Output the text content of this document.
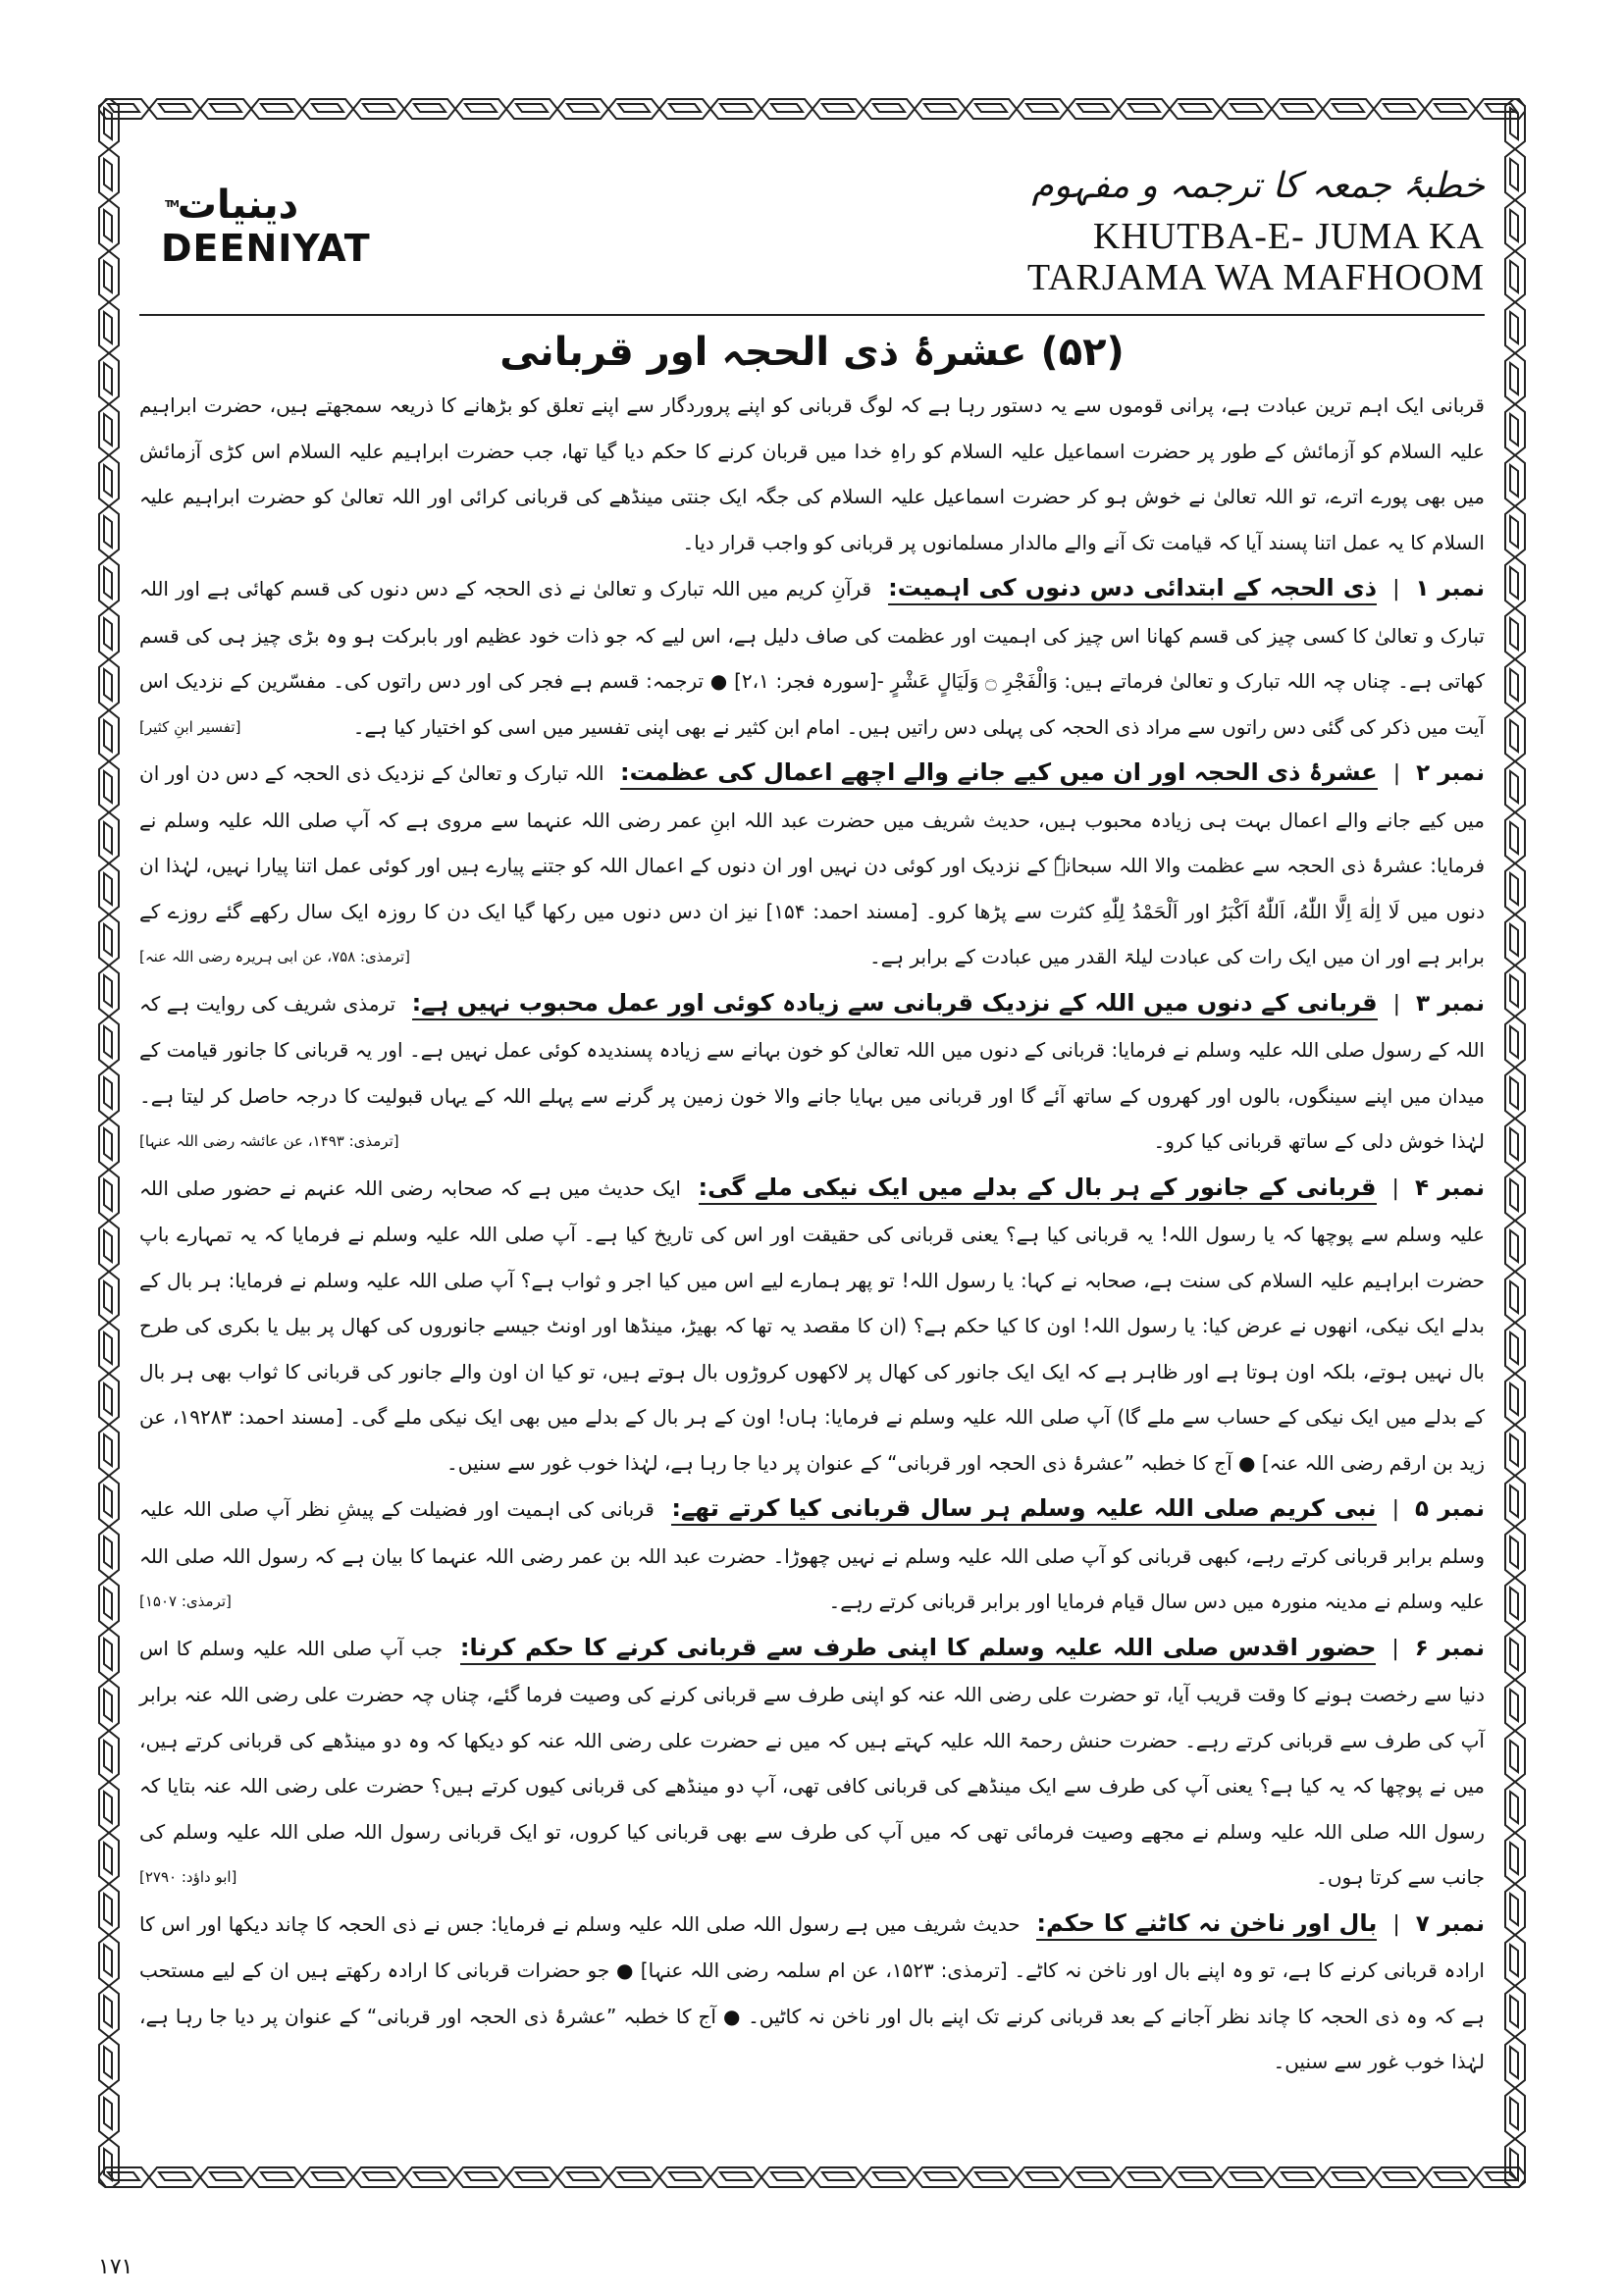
دینیات™
DEENIYAT
خطبۂ جمعہ کا ترجمہ و مفہوم
KHUTBA-E- JUMA KA
TARJAMA WA MAFHOOM
(۵۲) عشرۂ ذی الحجہ اور قربانی

قربانی ایک اہم ترین عبادت ہے، پرانی قوموں سے یہ دستور رہا ہے کہ لوگ قربانی کو اپنے پروردگار سے اپنے تعلق کو بڑھانے کا ذریعہ سمجھتے ہیں، حضرت ابراہیم علیہ السلام کو آزمائش کے طور پر حضرت اسماعیل علیہ السلام کو راہِ خدا میں قربان کرنے کا حکم دیا گیا تھا، جب حضرت ابراہیم علیہ السلام اس کڑی آزمائش میں بھی پورے اترے، تو اللہ تعالیٰ نے خوش ہو کر حضرت اسماعیل علیہ السلام کی جگہ ایک جنتی مینڈھے کی قربانی کرائی اور اللہ تعالیٰ کو حضرت ابراہیم علیہ السلام کا یہ عمل اتنا پسند آیا کہ قیامت تک آنے والے مالدار مسلمانوں پر قربانی کو واجب قرار دیا۔

نمبر ۱|ذی الحجہ کے ابتدائی دس دنوں کی اہمیت: قرآنِ کریم میں اللہ تبارک و تعالیٰ نے ذی الحجہ کے دس دنوں کی قسم کھائی ہے اور اللہ تبارک و تعالیٰ کا کسی چیز کی قسم کھانا اس چیز کی اہمیت اور عظمت کی صاف دلیل ہے، اس لیے کہ جو ذات خود عظیم اور بابرکت ہو وہ بڑی چیز ہی کی قسم کھاتی ہے۔ چناں چہ اللہ تبارک و تعالیٰ فرماتے ہیں: وَالْفَجْرِ ۝ وَلَيَالٍ عَشْرٍ -[سورہ فجر: ۲،۱] ● ترجمہ: قسم ہے فجر کی اور دس راتوں کی۔ مفسّرین کے نزدیک اس آیت میں ذکر کی گئی دس راتوں سے مراد ذی الحجہ کی پہلی دس راتیں ہیں۔ امام ابن کثیر نے بھی اپنی تفسیر میں اسی کو اختیار کیا ہے۔
[تفسیر ابنِ کثیر]

نمبر ۲|عشرۂ ذی الحجہ اور ان میں کیے جانے والے اچھے اعمال کی عظمت: اللہ تبارک و تعالیٰ کے نزدیک ذی الحجہ کے دس دن اور ان میں کیے جانے والے اعمال بہت ہی زیادہ محبوب ہیں، حدیث شریف میں حضرت عبد اللہ ابنِ عمر رضی اللہ عنہما سے مروی ہے کہ آپ صلی اللہ علیہ وسلم نے فرمایا: عشرۂ ذی الحجہ سے عظمت والا اللہ سبحانہٗ کے نزدیک اور کوئی دن نہیں اور ان دنوں کے اعمال اللہ کو جتنے پیارے ہیں اور کوئی عمل اتنا پیارا نہیں، لہٰذا ان دنوں میں لَا اِلٰهَ اِلَّا اللّٰهُ، اَللّٰهُ اَكْبَرُ اور اَلْحَمْدُ لِلّٰهِ کثرت سے پڑھا کرو۔ [مسند احمد: ۱۵۴] نیز ان دس دنوں میں رکھا گیا ایک دن کا روزہ ایک سال رکھے گئے روزے کے برابر ہے اور ان میں ایک رات کی عبادت لیلۃ القدر میں عبادت کے برابر ہے۔
[ترمذی: ۷۵۸، عن ابی ہریرہ رضی اللہ عنہ]

نمبر ۳|قربانی کے دنوں میں اللہ کے نزدیک قربانی سے زیادہ کوئی اور عمل محبوب نہیں ہے: ترمذی شریف کی روایت ہے کہ اللہ کے رسول صلی اللہ علیہ وسلم نے فرمایا: قربانی کے دنوں میں اللہ تعالیٰ کو خون بہانے سے زیادہ پسندیدہ کوئی عمل نہیں ہے۔ اور یہ قربانی کا جانور قیامت کے میدان میں اپنے سینگوں، بالوں اور کھروں کے ساتھ آئے گا اور قربانی میں بہایا جانے والا خون زمین پر گرنے سے پہلے اللہ کے یہاں قبولیت کا درجہ حاصل کر لیتا ہے۔ لہٰذا خوش دلی کے ساتھ قربانی کیا کرو۔
[ترمذی: ۱۴۹۳، عن عائشہ رضی اللہ عنہا]

نمبر ۴|قربانی کے جانور کے ہر بال کے بدلے میں ایک نیکی ملے گی: ایک حدیث میں ہے کہ صحابہ رضی اللہ عنہم نے حضور صلی اللہ علیہ وسلم سے پوچھا کہ یا رسول اللہ! یہ قربانی کیا ہے؟ یعنی قربانی کی حقیقت اور اس کی تاریخ کیا ہے۔ آپ صلی اللہ علیہ وسلم نے فرمایا کہ یہ تمہارے باپ حضرت ابراہیم علیہ السلام کی سنت ہے، صحابہ نے کہا: یا رسول اللہ! تو پھر ہمارے لیے اس میں کیا اجر و ثواب ہے؟ آپ صلی اللہ علیہ وسلم نے فرمایا: ہر بال کے بدلے ایک نیکی، انھوں نے عرض کیا: یا رسول اللہ! اون کا کیا حکم ہے؟ (ان کا مقصد یہ تھا کہ بھیڑ، مینڈھا اور اونٹ جیسے جانوروں کی کھال پر بیل یا بکری کی طرح بال نہیں ہوتے، بلکہ اون ہوتا ہے اور ظاہر ہے کہ ایک ایک جانور کی کھال پر لاکھوں کروڑوں بال ہوتے ہیں، تو کیا ان اون والے جانور کی قربانی کا ثواب بھی ہر بال کے بدلے میں ایک نیکی کے حساب سے ملے گا) آپ صلی اللہ علیہ وسلم نے فرمایا: ہاں! اون کے ہر بال کے بدلے میں بھی ایک نیکی ملے گی۔ [مسند احمد: ۱۹۲۸۳، عن زید بن ارقم رضی اللہ عنہ] ● آج کا خطبہ ”عشرۂ ذی الحجہ اور قربانی“ کے عنوان پر دیا جا رہا ہے، لہٰذا خوب غور سے سنیں۔

نمبر ۵|نبی کریم صلی اللہ علیہ وسلم ہر سال قربانی کیا کرتے تھے: قربانی کی اہمیت اور فضیلت کے پیشِ نظر آپ صلی اللہ علیہ وسلم برابر قربانی کرتے رہے، کبھی قربانی کو آپ صلی اللہ علیہ وسلم نے نہیں چھوڑا۔ حضرت عبد اللہ بن عمر رضی اللہ عنہما کا بیان ہے کہ رسول اللہ صلی اللہ علیہ وسلم نے مدینہ منورہ میں دس سال قیام فرمایا اور برابر قربانی کرتے رہے۔
[ترمذی: ۱۵۰۷]

نمبر ۶|حضور اقدس صلی اللہ علیہ وسلم کا اپنی طرف سے قربانی کرنے کا حکم کرنا: جب آپ صلی اللہ علیہ وسلم کا اس دنیا سے رخصت ہونے کا وقت قریب آیا، تو حضرت علی رضی اللہ عنہ کو اپنی طرف سے قربانی کرنے کی وصیت فرما گئے، چناں چہ حضرت علی رضی اللہ عنہ برابر آپ کی طرف سے قربانی کرتے رہے۔ حضرت حنش رحمۃ اللہ علیہ کہتے ہیں کہ میں نے حضرت علی رضی اللہ عنہ کو دیکھا کہ وہ دو مینڈھے کی قربانی کرتے ہیں، میں نے پوچھا کہ یہ کیا ہے؟ یعنی آپ کی طرف سے ایک مینڈھے کی قربانی کافی تھی، آپ دو مینڈھے کی قربانی کیوں کرتے ہیں؟ حضرت علی رضی اللہ عنہ بتایا کہ رسول اللہ صلی اللہ علیہ وسلم نے مجھے وصیت فرمائی تھی کہ میں آپ کی طرف سے بھی قربانی کیا کروں، تو ایک قربانی رسول اللہ صلی اللہ علیہ وسلم کی جانب سے کرتا ہوں۔
[ابو داؤد: ۲۷۹۰]

نمبر ۷|بال اور ناخن نہ کاٹنے کا حکم: حدیث شریف میں ہے رسول اللہ صلی اللہ علیہ وسلم نے فرمایا: جس نے ذی الحجہ کا چاند دیکھا اور اس کا ارادہ قربانی کرنے کا ہے، تو وہ اپنے بال اور ناخن نہ کاٹے۔ [ترمذی: ۱۵۲۳، عن ام سلمہ رضی اللہ عنہا] ● جو حضرات قربانی کا ارادہ رکھتے ہیں ان کے لیے مستحب ہے کہ وہ ذی الحجہ کا چاند نظر آجانے کے بعد قربانی کرنے تک اپنے بال اور ناخن نہ کاٹیں۔ ● آج کا خطبہ ”عشرۂ ذی الحجہ اور قربانی“ کے عنوان پر دیا جا رہا ہے، لہٰذا خوب غور سے سنیں۔

۱۷۱
